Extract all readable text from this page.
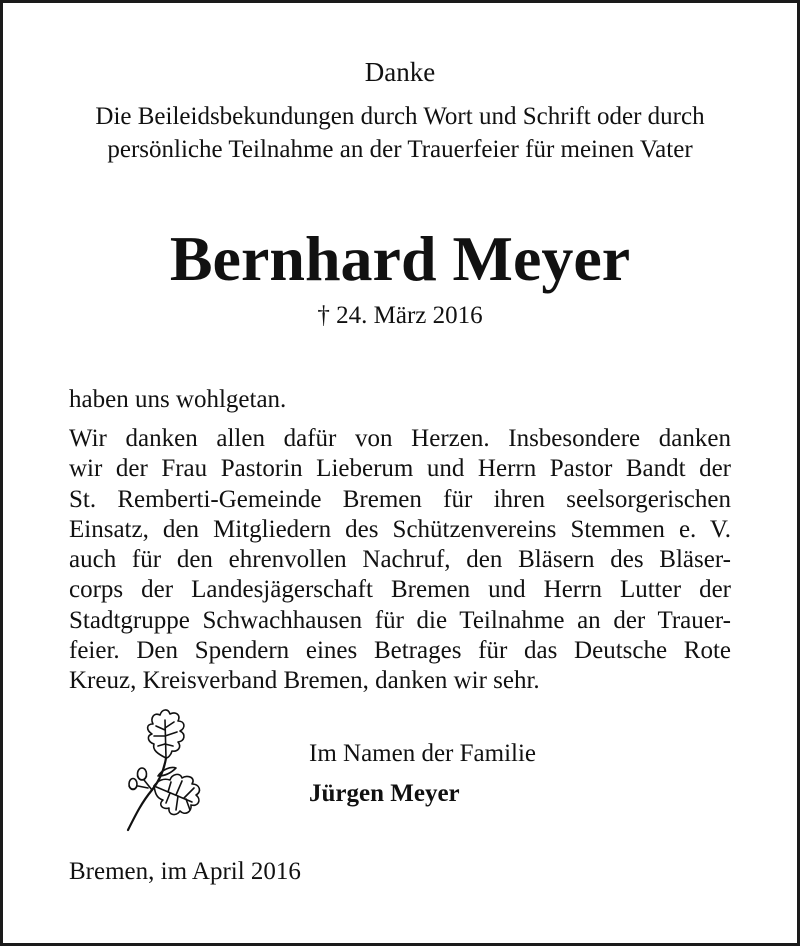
Danke
Die Beileidsbekundungen durch Wort und Schrift oder durch
persönliche Teilnahme an der Trauerfeier für meinen Vater
Bernhard Meyer
† 24. März 2016
haben uns wohlgetan.
Wir danken allen dafür von Herzen. Insbesondere danken
wir der Frau Pastorin Lieberum und Herrn Pastor Bandt der
St. Remberti-Gemeinde Bremen für ihren seelsorgerischen
Einsatz, den Mitgliedern des Schützenvereins Stemmen e. V.
auch für den ehrenvollen Nachruf, den Bläsern des Bläser-
corps der Landesjägerschaft Bremen und Herrn Lutter der
Stadtgruppe Schwachhausen für die Teilnahme an der Trauer-
feier. Den Spendern eines Betrages für das Deutsche Rote
Kreuz, Kreisverband Bremen, danken wir sehr.
Im Namen der Familie
Jürgen Meyer
Bremen, im April 2016
